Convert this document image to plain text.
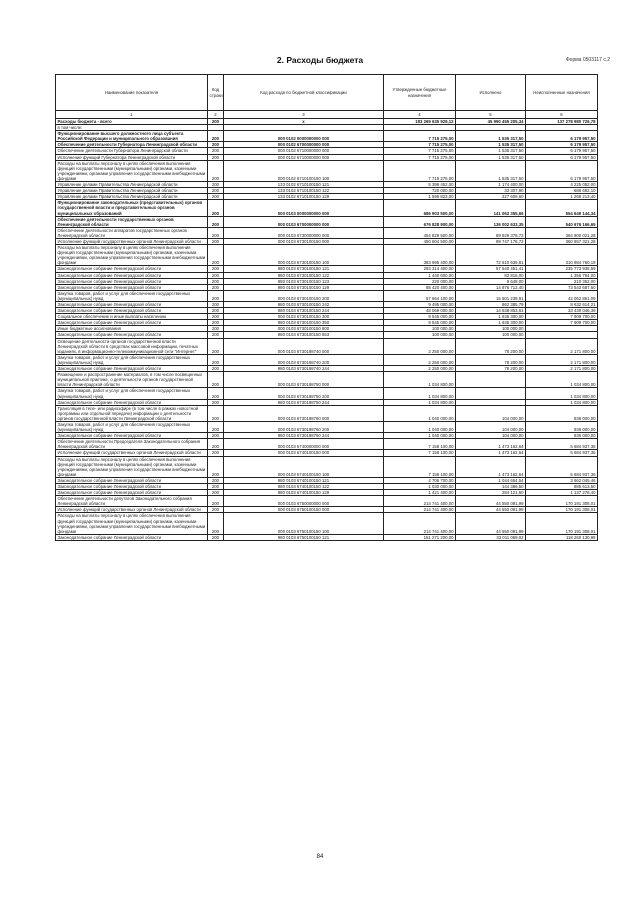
2. Расходы бюджета	Форма 0503117 с.2
Наименование показателя	Код строки	Код расхода по бюджетной классификации	Утвержденные бюджетные назначения	Исполнено	Неисполненные назначения
1	2	3	4	5	6
Расходы бюджета - всего	200	x	183 269 635 929,12	45 990 455 205,34	137 278 980 726,78
в том числе:					
Функционирование высшего должностного лица субъекта Российской Федерации и муниципального образования	200	000 0102 0000000000 000	7 715 275,00	1 535 317,50	6 179 957,50
Обеспечение деятельности Губернатора Ленинградской области	200	000 0102 6700000000 000	7 715 275,00	1 535 317,50	6 179 957,50
Обеспечение деятельности Губернатора Ленинградской области	200	000 0102 6710000000 000	7 715 275,00	1 535 317,50	6 179 957,50
Исполнение функций Губернатора Ленинградской области	200	000 0102 6710000000 000	7 715 275,00	1 535 317,50	6 179 957,50
Расходы на выплаты персоналу в целях обеспечения выполнения функций государственными (муниципальными) органами, казенными учреждениями, органами управления государственными внебюджетными фондами	200	000 0102 6710100150 100	7 715 275,00	1 535 317,50	6 179 957,50
Управление делами Правительства Ленинградской области	200	133 0102 6710100150 121	5 399 452,00	1 174 400,00	4 225 052,00
Управление делами Правительства Ленинградской области	200	133 0102 6710100150 122	720 000,00	33 307,90	686 692,10
Управление делами Правительства Ленинградской области	200	133 0102 6710100150 129	1 595 823,00	327 609,60	1 268 213,40
Функционирование законодательных (представительных) органов государственной власти и представительных органов муниципальных образований	200	000 0103 0000000000 000	686 903 500,00	141 063 355,66	554 649 144,34
Обеспечение деятельности государственных органов Ленинградской области	200	000 0103 6700000000 000	676 828 900,00	136 002 633,35	540 676 166,65
Обеспечение деятельности аппаратов государственных органов Ленинградской области	200	000 0103 6730000000 000	454 829 500,00	89 929 378,72	364 900 021,28
Исполнение функций государственных органов Ленинградской области	200	000 0103 6730100150 000	450 604 500,00	89 747 178,72	360 857 321,28
Расходы на выплаты персоналу в целях обеспечения выполнения функций государственными (муниципальными) органами, казенными учреждениями, органами управления государственными внебюджетными фондами	200	000 0103 6730100150 100	383 995 400,00	72 510 639,81	310 984 760,19
Законодательное собрание Ленинградской области	200	980 0103 6730100150 121	293 314 400,00	57 540 451,41	235 773 938,59
Законодательное собрание Ленинградской области	200	980 0103 6730100150 122	1 440 600,00	83 816,00	1 356 784,00
Законодательное собрание Ленинградской области	200	980 0103 6730100150 123	220 000,00	9 648,00	210 352,00
Законодательное собрание Ленинградской области	200	980 0103 6730100150 129	88 420 400,00	14 876 712,40	73 543 687,60
Закупка товаров, работ и услуг для обеспечения государственных (муниципальных) нужд	200	000 0103 6730100150 200	57 664 100,00	15 501 238,91	42 062 861,09
Законодательное собрание Ленинградской области	200	980 0103 6730100150 242	9 495 000,00	862 385,79	8 632 614,21
Законодательное собрание Ленинградской области	200	980 0103 6730100150 244	48 069 000,00	14 638 853,61	33 430 046,39
Социальное обеспечение и иные выплаты населению	200	000 0103 6730100150 300	9 545 000,00	1 635 300,00	7 909 700,00
Законодательное собрание Ленинградской области	200	980 0103 6730100150 350	9 545 000,00	1 635 300,00	7 909 700,00
Иные бюджетные ассигнования	200	000 0103 6730100150 800	100 000,00	100 000,00	
Законодательное собрание Ленинградской области	200	980 0103 6730100150 853	100 000,00	100 000,00	
Освещение деятельности органов государственной власти Ленинградской области в средствах массовой информации, печатных изданиях, в информационно-телекоммуникационной сети "Интернет"	200	000 0103 6730198740 000	2 250 000,00	78 200,00	2 171 800,00
Закупка товаров, работ и услуг для обеспечения государственных (муниципальных) нужд	200	000 0103 6730198740 200	2 250 000,00	78 200,00	2 171 800,00
Законодательное собрание Ленинградской области	200	980 0103 6730198740 244	2 250 000,00	78 200,00	2 171 800,00
Размещение и распространение материалов, в том числе посвященных муниципальной практике, о деятельности органов государственной власти Ленинградской области	200	000 0103 6730198750 000	1 034 800,00		1 034 800,00
Закупка товаров, работ и услуг для обеспечения государственных (муниципальных) нужд	200	000 0103 6730198750 200	1 034 800,00		1 034 800,00
Законодательное собрание Ленинградской области	200	980 0103 6730198750 244	1 034 800,00		1 034 800,00
Трансляция в теле- или радиоэфире (в том числе в рамках новостной программы или отдельной передачи) информации о деятельности органов государственной власти Ленинградской области	200	000 0103 6730198760 000	1 040 000,00	104 000,00	936 000,00
Закупка товаров, работ и услуг для обеспечения государственных (муниципальных) нужд	200	000 0103 6730198760 200	1 040 000,00	104 000,00	936 000,00
Законодательное собрание Ленинградской области	200	980 0103 6730198760 244	1 040 000,00	104 000,00	936 000,00
Обеспечение деятельности Председателя Законодательного собрания Ленинградской области	200	000 0103 6740000000 000	7 158 100,00	1 473 162,64	5 684 937,36
Исполнение функций государственных органов Ленинградской области	200	000 0103 6740100150 000	7 158 100,00	1 473 162,64	5 684 937,36
Расходы на выплаты персоналу в целях обеспечения выполнения функций государственными (муниципальными) органами, казенными учреждениями, органами управления государственными внебюджетными фондами	200	000 0103 6740100150 100	7 158 100,00	1 473 162,64	5 684 937,36
Законодательное собрание Ленинградской области	200	980 0103 6740100150 121	4 706 700,00	1 044 654,54	3 662 045,46
Законодательное собрание Ленинградской области	200	980 0103 6740100150 122	1 030 000,00	144 386,50	885 613,50
Законодательное собрание Ленинградской области	200	980 0103 6740100150 129	1 421 400,00	284 121,60	1 137 278,40
Обеспечение деятельности депутатов Законодательного собрания Ленинградской области	200	000 0103 6750000000 000	214 741 400,00	44 550 091,99	170 191 308,01
Исполнение функций государственных органов Ленинградской области	200	000 0103 6750100150 000	214 741 400,00	44 550 091,99	170 191 308,01
Расходы на выплаты персоналу в целях обеспечения выполнения функций государственными (муниципальными) органами, казенными учреждениями, органами управления государственными внебюджетными фондами	200	000 0103 6750100150 100	214 741 400,00	44 550 091,99	170 191 308,01
Законодательное собрание Ленинградской области	200	980 0103 6750100150 121	151 271 200,00	33 011 069,02	118 260 130,98
84
